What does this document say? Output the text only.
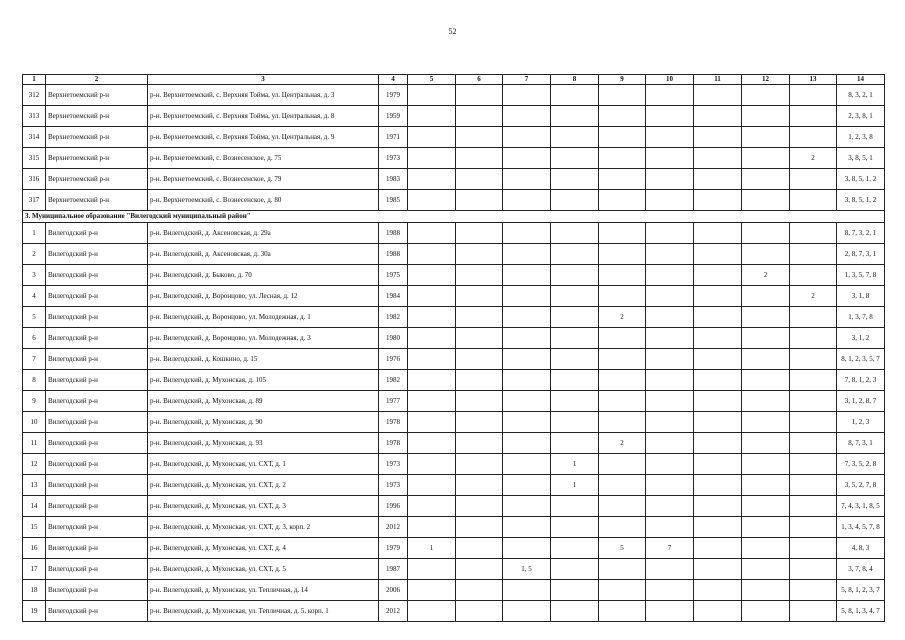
52
1	2	3	4	5	6	7	8	9	10	11	12	13	14
312	Верхнетоемский р-н	р-н. Верхнетоемский, с. Верхняя Тойма, ул. Центральная, д. 3	1979										8, 3, 2, 1
313	Верхнетоемский р-н	р-н. Верхнетоемский, с. Верхняя Тойма, ул. Центральная, д. 8	1959										2, 3, 8, 1
314	Верхнетоемский р-н	р-н. Верхнетоемский, с. Верхняя Тойма, ул. Центральная, д. 9	1971										1, 2, 3, 8
315	Верхнетоемский р-н	р-н. Верхнетоемский, с. Вознесенское, д. 75	1973									2	3, 8, 5, 1
316	Верхнетоемский р-н	р-н. Верхнетоемский, с. Вознесенское, д. 79	1983										3, 8, 5, 1, 2
317	Верхнетоемский р-н	р-н. Верхнетоемский, с. Вознесенское, д. 80	1985										3, 8, 5, 1, 2
3. Муниципальное образование "Вилегодский муниципальный район"													
1	Вилегодский р-н	р-н. Вилегодский, д. Аксеновская, д. 29а	1988										8, 7, 3, 2, 1
2	Вилегодский р-н	р-н. Вилегодский, д. Аксеновская, д. 30а	1988										2, 8, 7, 3, 1
3	Вилегодский р-н	р-н. Вилегодский, д. Быково, д. 70	1975								2		1, 3, 5, 7, 8
4	Вилегодский р-н	р-н. Вилегодский, д. Воронцово, ул. Лесная, д. 12	1984									2	3, 1, 8
5	Вилегодский р-н	р-н. Вилегодский, д. Воронцово, ул. Молодежная, д. 1	1982					2					1, 3, 7, 8
6	Вилегодский р-н	р-н. Вилегодский, д. Воронцово, ул. Молодежная, д. 3	1980										3, 1, 2
7	Вилегодский р-н	р-н. Вилегодский, д. Кошкино, д. 15	1976										8, 1, 2, 3, 5, 7
8	Вилегодский р-н	р-н. Вилегодский, д. Мухонская, д. 105	1982										7, 8, 1, 2, 3
9	Вилегодский р-н	р-н. Вилегодский, д. Мухонская, д. 89	1977										3, 1, 2, 8, 7
10	Вилегодский р-н	р-н. Вилегодский, д. Мухонская, д. 90	1978										1, 2, 3
11	Вилегодский р-н	р-н. Вилегодский, д. Мухонская, д. 93	1978					2					8, 7, 3, 1
12	Вилегодский р-н	р-н. Вилегодский, д. Мухонская, ул. СХТ, д. 1	1973				1						7, 3, 5, 2, 8
13	Вилегодский р-н	р-н. Вилегодский, д. Мухонская, ул. СХТ, д. 2	1973				1						3, 5, 2, 7, 8
14	Вилегодский р-н	р-н. Вилегодский, д. Мухонская, ул. СХТ, д. 3	1996										7, 4, 3, 1, 8, 5
15	Вилегодский р-н	р-н. Вилегодский, д. Мухонская, ул. СХТ, д. 3, корп. 2	2012										1, 3, 4, 5, 7, 8
16	Вилегодский р-н	р-н. Вилегодский, д. Мухонская, ул. СХТ, д. 4	1979	1				5	7				4, 8, 3
17	Вилегодский р-н	р-н. Вилегодский, д. Мухонская, ул. СХТ, д. 5	1987			1, 5							3, 7, 8, 4
18	Вилегодский р-н	р-н. Вилегодский, д. Мухонская, ул. Тепличная, д. 14	2006										5, 8, 1, 2, 3, 7
19	Вилегодский р-н	р-н. Вилегодский, д. Мухонская, ул. Тепличная, д. 5, корп. 1	2012										5, 8, 1, 3, 4, 7
